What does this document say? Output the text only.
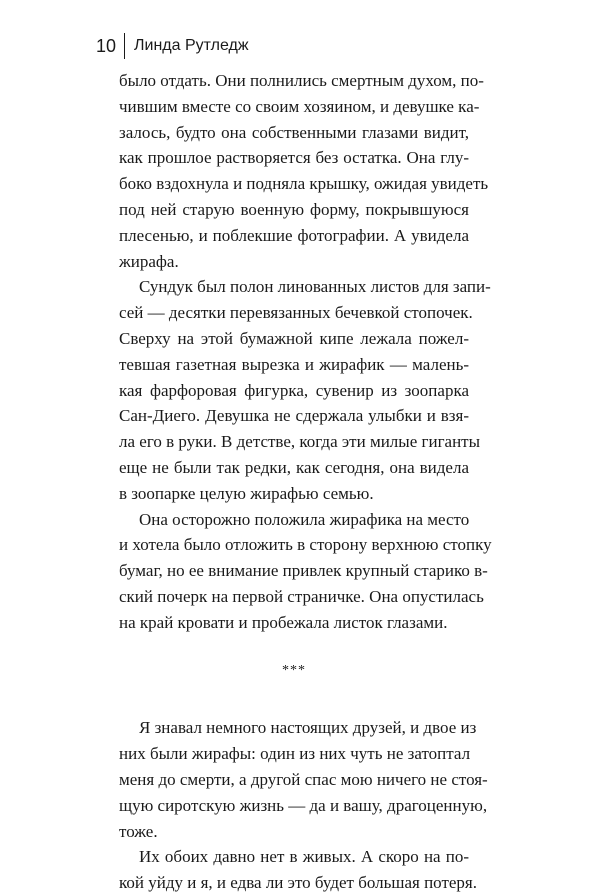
10	Линда Рутледж
было отдать. Они полнились смертным духом, по-
чившим вместе со своим хозяином, и девушке ка-
залось, будто она собственными глазами видит,
как прошлое растворяется без остатка. Она глу-
боко вздохнула и подняла крышку, ожидая увидеть
под ней старую военную форму, покрывшуюся
плесенью, и поблекшие фотографии. А увидела
жирафа.
Сундук был полон линованных листов для запи-
сей — десятки перевязанных бечевкой стопочек.
Сверху на этой бумажной кипе лежала пожел-
тевшая газетная вырезка и жирафик — малень-
кая фарфоровая фигурка, сувенир из зоопарка
Сан-Диего. Девушка не сдержала улыбки и взя-
ла его в руки. В детстве, когда эти милые гиганты
еще не были так редки, как сегодня, она видела
в зоопарке целую жирафью семью.
Она осторожно положила жирафика на место
и хотела было отложить в сторону верхнюю стопку
бумаг, но ее внимание привлек крупный старико в-
ский почерк на первой страничке. Она опустилась
на край кровати и пробежала листок глазами.
***
Я знавал немного настоящих друзей, и двое из
них были жирафы: один из них чуть не затоптал
меня до смерти, а другой спас мою ничего не стоя-
щую сиротскую жизнь — да и вашу, драгоценную,
тоже.
Их обоих давно нет в живых. А скоро на по-
кой уйду и я, и едва ли это будет большая потеря.
